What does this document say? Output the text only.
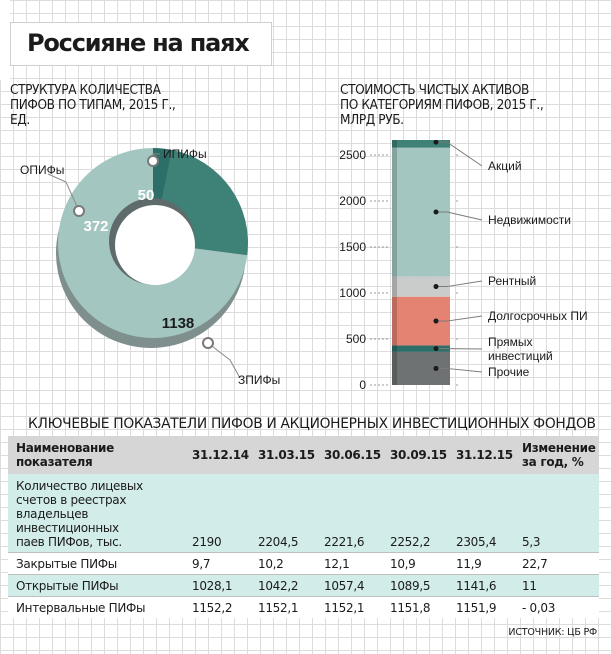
Россияне на паях
СТРУКТУРА КОЛИЧЕСТВА
ПИФОВ ПО ТИПАМ, 2015 Г.,
ЕД.
50
372
1138
ИПИФы
ОПИФы
ЗПИФы
СТОИМОСТЬ ЧИСТЫХ АКТИВОВ
ПО КАТЕГОРИЯМ ПИФОВ, 2015 Г.,
МЛРД РУБ.
0
500
1000
1500
2000
2500
Прочие
Прямых
инвестиций
Долгосрочных ПИ
Рентный
Недвижимости
Акций
КЛЮЧЕВЫЕ ПОКАЗАТЕЛИ ПИФОВ И АКЦИОНЕРНЫХ ИНВЕСТИЦИОННЫХ ФОНДОВ
Наименование
показателя	31.12.14	31.03.15	30.06.15	30.09.15	31.12.15	Изменение
за год, %
Количество лицевых
счетов в реестрах
владельцев
инвестиционных
паев ПИФов, тыс.	2190	2204,5	2221,6	2252,2	2305,4	5,3
Закрытые ПИФы	9,7	10,2	12,1	10,9	11,9	22,7
Открытые ПИФы	1028,1	1042,2	1057,4	1089,5	1141,6	11
Интервальные ПИФы	1152,2	1152,1	1152,1	1151,8	1151,9	- 0,03
ИСТОЧНИК: ЦБ РФ
